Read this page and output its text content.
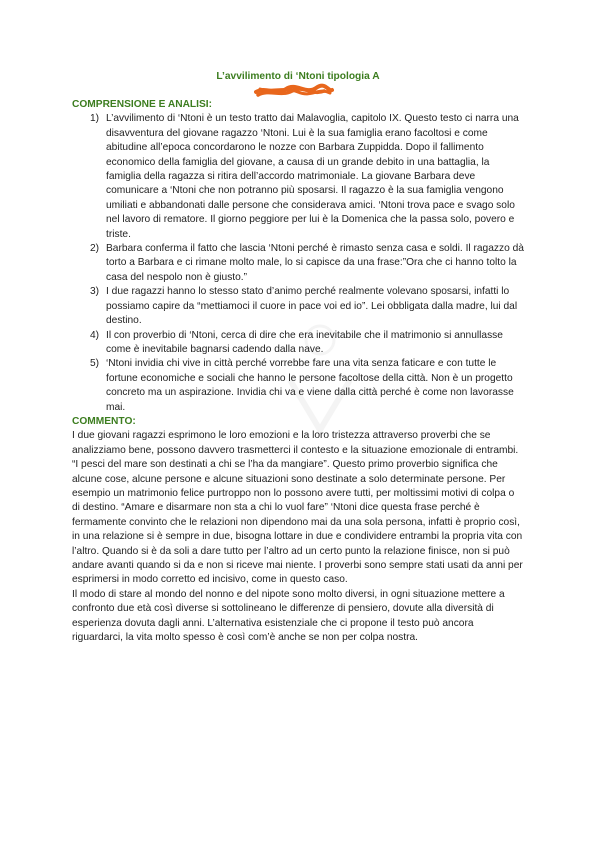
L’avvilimento di ‘Ntoni tipologia A

COMPRENSIONE E ANALISI:

1) L’avvilimento di ‘Ntoni è un testo tratto dai Malavoglia, capitolo IX. Questo testo ci narra una disavventura del giovane ragazzo ‘Ntoni. Lui è la sua famiglia erano facoltosi e come abitudine all’epoca concordarono le nozze con Barbara Zuppidda. Dopo il fallimento economico della famiglia del giovane, a causa di un grande debito in una battaglia, la famiglia della ragazza si ritira dell’accordo matrimoniale. La giovane Barbara deve comunicare a ‘Ntoni che non potranno più sposarsi. Il ragazzo è la sua famiglia vengono umiliati e abbandonati dalle persone che considerava amici. ‘Ntoni trova pace e svago solo nel lavoro di rematore. Il giorno peggiore per lui è la Domenica che la passa solo, povero e triste.
2) Barbara conferma il fatto che lascia ‘Ntoni perché è rimasto senza casa e soldi. Il ragazzo dà torto a Barbara e ci rimane molto male, lo si capisce da una frase:”Ora che ci hanno tolto la casa del nespolo non è giusto.”
3) I due ragazzi hanno lo stesso stato d’animo perché realmente volevano sposarsi, infatti lo possiamo capire da “mettiamoci il cuore in pace voi ed io”. Lei obbligata dalla madre, lui dal destino.
4) Il con proverbio di ‘Ntoni, cerca di dire che era inevitabile che il matrimonio si annullasse come è inevitabile bagnarsi cadendo dalla nave.
5) ‘Ntoni invidia chi vive in città perché vorrebbe fare una vita senza faticare e con tutte le fortune economiche e sociali che hanno le persone facoltose della città. Non è un progetto concreto ma un aspirazione. Invidia chi va e viene dalla città perché è come non lavorasse mai.

COMMENTO:

I due giovani ragazzi esprimono le loro emozioni e la loro tristezza attraverso proverbi che se analizziamo bene, possono davvero trasmetterci il contesto e la situazione emozionale di entrambi. “I pesci del mare son destinati a chi se l’ha da mangiare”. Questo primo proverbio significa che alcune cose, alcune persone e alcune situazioni sono destinate a solo determinate persone. Per esempio un matrimonio felice purtroppo non lo possono avere tutti, per moltissimi motivi di colpa o di destino. “Amare e disarmare non sta a chi lo vuol fare” ‘Ntoni dice questa frase perché è fermamente convinto che le relazioni non dipendono mai da una sola persona, infatti è proprio così, in una relazione si è sempre in due, bisogna lottare in due e condividere entrambi la propria vita con l’altro. Quando si è da soli a dare tutto per l’altro ad un certo punto la relazione finisce, non si può andare avanti quando si da e non si riceve mai niente. I proverbi sono sempre stati usati da anni per esprimersi in modo corretto ed incisivo, come in questo caso.

Il modo di stare al mondo del nonno e del nipote sono molto diversi, in ogni situazione mettere a confronto due età così diverse si sottolineano le differenze di pensiero, dovute alla diversità di esperienza dovuta dagli anni. L’alternativa esistenziale che ci propone il testo può ancora riguardarci, la vita molto spesso è così com’è anche se non per colpa nostra.
